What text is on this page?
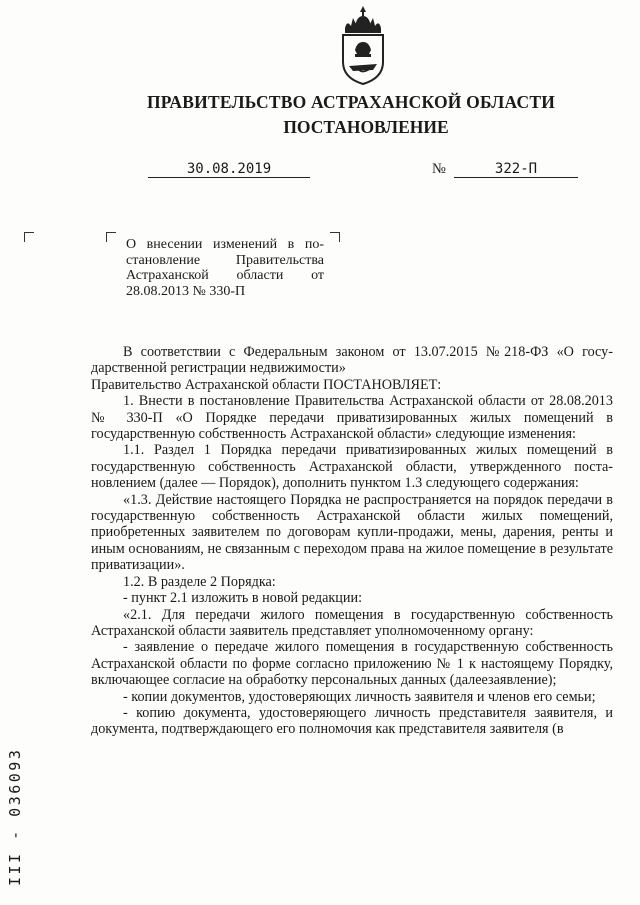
ПРАВИТЕЛЬСТВО АСТРАХАНСКОЙ ОБЛАСТИ
ПОСТАНОВЛЕНИЕ
30.08.2019	№	322-П
О внесении изменений в постановление Правительства Астраханской области от 28.08.2013 № 330-П

В соответствии с Федеральным законом от 13.07.2015 №218-ФЗ «О государственной регистрации недвижимости»

Правительство Астраханской области ПОСТАНОВЛЯЕТ:

1. Внести в постановление Правительства Астраханской области от 28.08.2013 № 330-П «О Порядке передачи приватизированных жилых помещений в государственную собственность Астраханской области» следующие изменения:

1.1. Раздел 1 Порядка передачи приватизированных жилых помещений в государственную собственность Астраханской области, утвержденного постановлением (далее — Порядок), дополнить пунктом 1.3 следующего содержания:

«1.3. Действие настоящего Порядка не распространяется на порядок передачи в государственную собственность Астраханской области жилых помещений, приобретенных заявителем по договорам купли-продажи, мены, дарения, ренты и иным основаниям, не связанным с переходом права на жилое помещение в результате приватизации».

1.2. В разделе 2 Порядка:

- пункт 2.1 изложить в новой редакции:

«2.1. Для передачи жилого помещения в государственную собственность Астраханской области заявитель представляет уполномоченному органу:

- заявление о передаче жилого помещения в государственную собственность Астраханской области по форме согласно приложению № 1 к настоящему Порядку, включающее согласие на обработку персональных данных (далеезаявление);

- копии документов, удостоверяющих личность заявителя и членов его семьи;

- копию документа, удостоверяющего личность представителя заявителя, и документа, подтверждающего его полномочия как представителя заявителя (в

III - 036093
